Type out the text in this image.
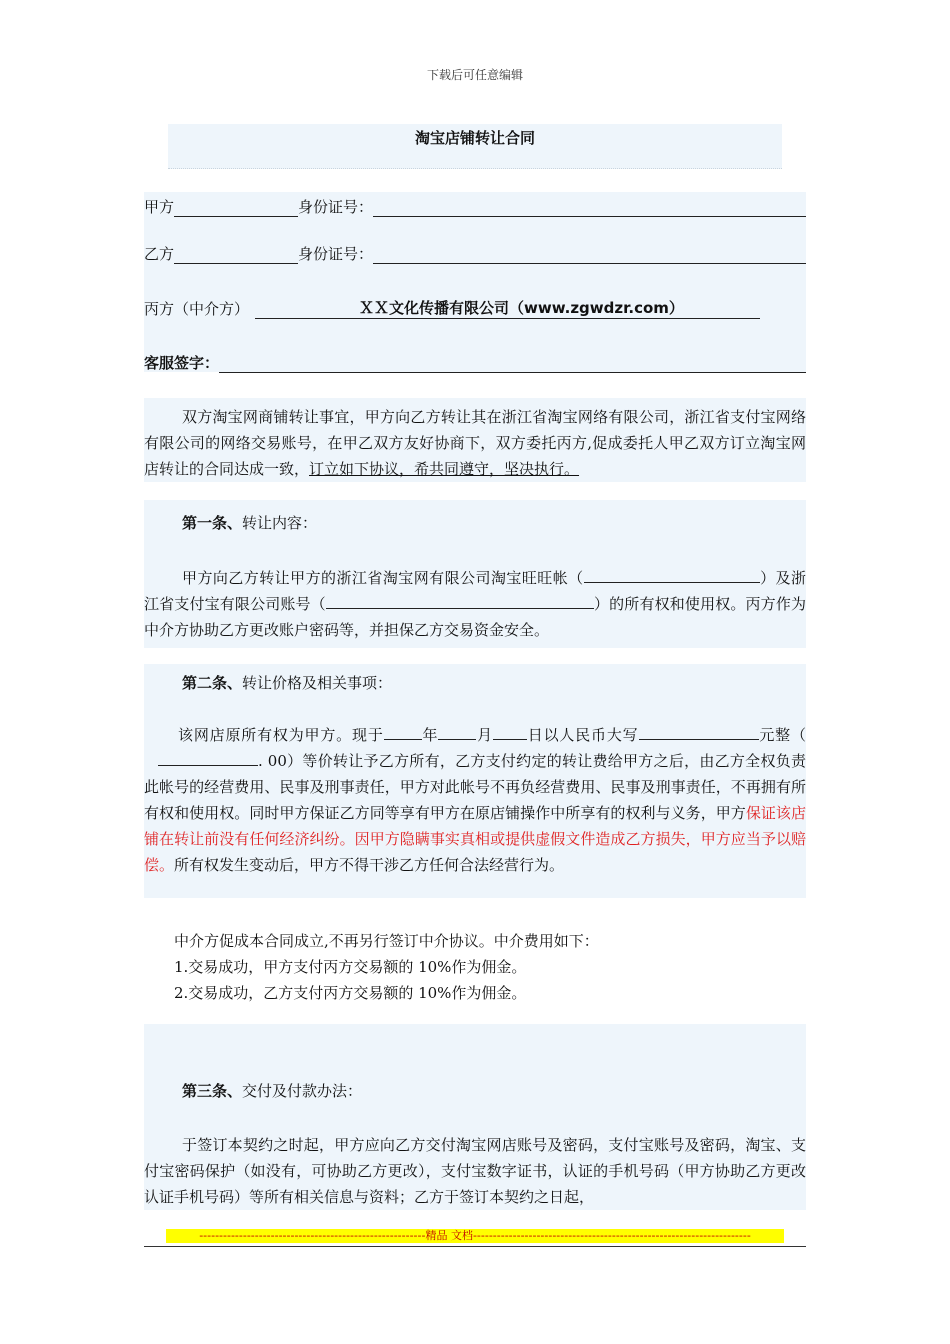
下载后可任意编辑
淘宝店铺转让合同
甲方	身份证号：
乙方	身份证号：
丙方（中介方）	ＸＸ文化传播有限公司（www.zgwdzr.com）
客服签字：
双方淘宝网商铺转让事宜，甲方向乙方转让其在浙江省淘宝网络有限公司，浙江省支付宝网络有限公司的网络交易账号，在甲乙双方友好协商下，双方委托丙方,促成委托人甲乙双方订立淘宝网店转让的合同达成一致，订立如下协议，希共同遵守，坚决执行。
第一条、转让内容：
甲方向乙方转让甲方的浙江省淘宝网有限公司淘宝旺旺帐（	）及浙江省支付宝有限公司账号（	）的所有权和使用权。丙方作为中介方协助乙方更改账户密码等，并担保乙方交易资金安全。
第二条、转让价格及相关事项：
该网店原所有权为甲方。现于	年	月 日以人民币大写	元整（. 00）等价转让予乙方所有，乙方支付约定的转让费给甲方之后，由乙方全权负责此帐号的经营费用、民事及刑事责任，甲方对此帐号不再负经营费用、民事及刑事责任，不再拥有所有权和使用权。同时甲方保证乙方同等享有甲方在原店铺操作中所享有的权利与义务，甲方保证该店铺在转让前没有任何经济纠纷。因甲方隐瞒事实真相或提供虚假文件造成乙方损失，甲方应当予以赔偿。所有权发生变动后，甲方不得干涉乙方任何合法经营行为。
中介方促成本合同成立,不再另行签订中介协议。中介费用如下：
1.交易成功，甲方支付丙方交易额的 10%作为佣金。
2.交易成功，乙方支付丙方交易额的 10%作为佣金。
第三条、交付及付款办法：
于签订本契约之时起，甲方应向乙方交付淘宝网店账号及密码，支付宝账号及密码，淘宝、支付宝密码保护（如没有，可协助乙方更改），支付宝数字证书，认证的手机号码（甲方协助乙方更改认证手机号码）等所有相关信息与资料；乙方于签订本契约之日起，
---------------------------------------------------------精品 文档----------------------------------------------------------------------
